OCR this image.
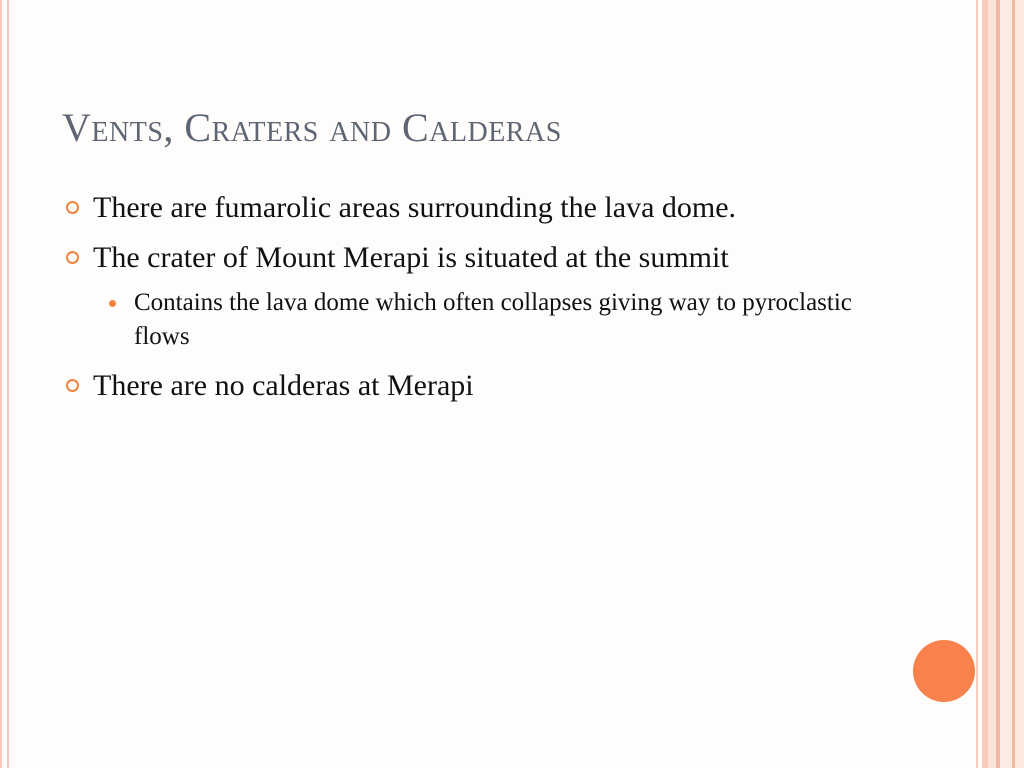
Vents, Craters and Calderas
There are fumarolic areas surrounding the lava dome.
The crater of Mount Merapi is situated at the summit
Contains the lava dome which often collapses giving way to pyroclastic flows
There are no calderas at Merapi
